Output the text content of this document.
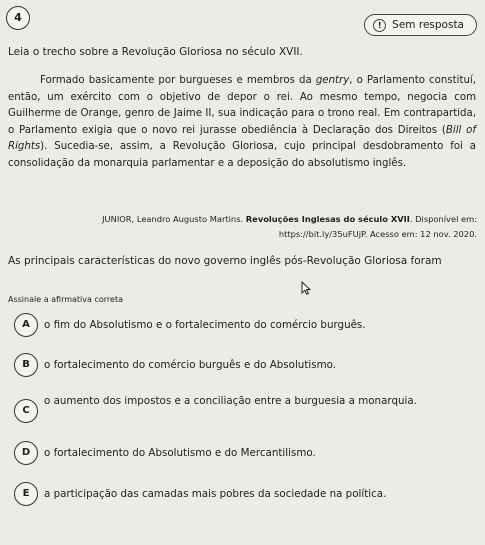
4
!	Sem resposta
Leia o trecho sobre a Revolução Gloriosa no século XVII.
Formado basicamente por burgueses e membros da gentry, o Parlamento constituí, então, um exército com o objetivo de depor o rei. Ao mesmo tempo, negocia com Guilherme de Orange, genro de Jaime II, sua indicação para o trono real. Em contrapartida, o Parlamento exigia que o novo rei jurasse obediência à Declaração dos Direitos (Bill of Rights). Sucedia-se, assim, a Revolução Gloriosa, cujo principal desdobramento foi a consolidação da monarquia parlamentar e a deposição do absolutismo inglês.
JUNIOR, Leandro Augusto Martins. Revoluções Inglesas do século XVII. Disponível em:
https://bit.ly/35uFUjP. Acesso em: 12 nov. 2020.
As principais características do novo governo inglês pós-Revolução Gloriosa foram
Assinale a afirmativa correta
A	o fim do Absolutismo e o fortalecimento do comércio burguês.
B	o fortalecimento do comércio burguês e do Absolutismo.
C
o aumento dos impostos e a conciliação entre a burguesia a monarquia.
D	o fortalecimento do Absolutismo e do Mercantilismo.
E	a participação das camadas mais pobres da sociedade na política.
